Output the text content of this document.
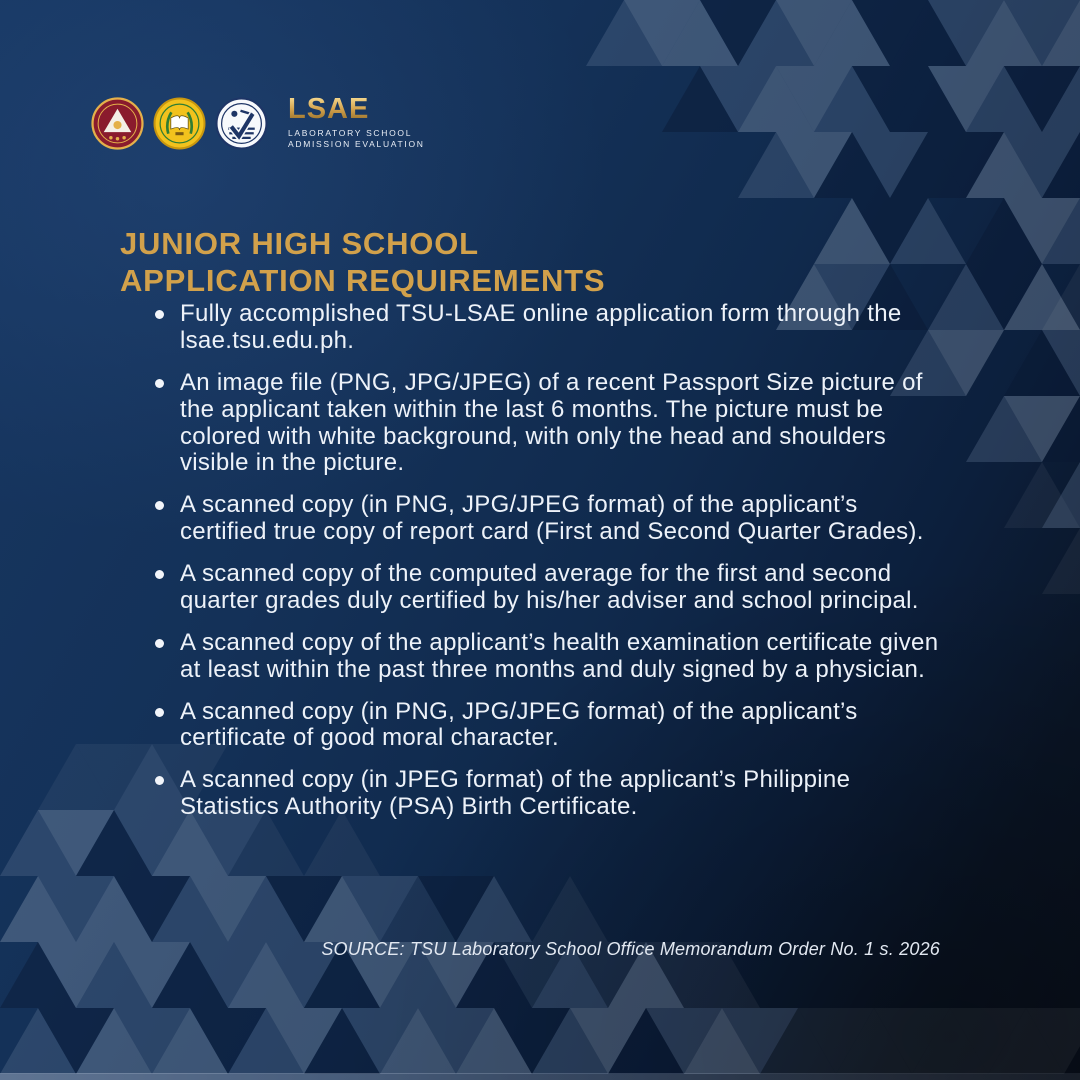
LSAE
LABORATORY SCHOOL
ADMISSION EVALUATION
JUNIOR HIGH SCHOOL
APPLICATION REQUIREMENTS
Fully accomplished TSU-LSAE online application form through the lsae.tsu.edu.ph.
An image file (PNG, JPG/JPEG) of a recent Passport Size picture of the applicant taken within the last 6 months. The picture must be colored with white background, with only the head and shoulders visible in the picture.
A scanned copy (in PNG, JPG/JPEG format) of the applicant’s certified true copy of report card (First and Second Quarter Grades).
A scanned copy of the computed average for the first and second quarter grades duly certified by his/her adviser and school principal.
A scanned copy of the applicant’s health examination certificate given at least within the past three months and duly signed by a physician.
A scanned copy (in PNG, JPG/JPEG format) of the applicant’s certificate of good moral character.
A scanned copy (in JPEG format) of the applicant’s Philippine Statistics Authority (PSA) Birth Certificate.
SOURCE: TSU Laboratory School Office Memorandum Order No. 1 s. 2026
